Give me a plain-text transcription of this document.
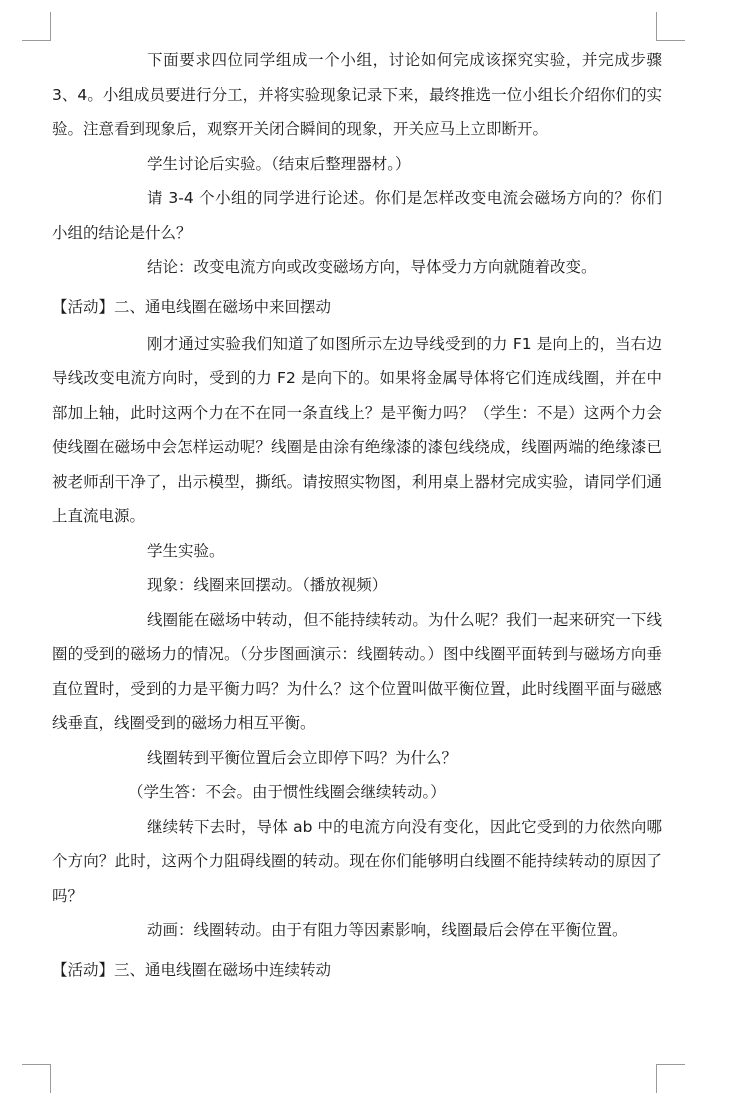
下面要求四位同学组成一个小组，讨论如何完成该探究实验，并完成步骤 3、4。小组成员要进行分工，并将实验现象记录下来，最终推选一位小组长介绍你们的实验。注意看到现象后，观察开关闭合瞬间的现象，开关应马上立即断开。

学生讨论后实验。（结束后整理器材。）

请 3-4 个小组的同学进行论述。你们是怎样改变电流会磁场方向的？你们小组的结论是什么？

结论：改变电流方向或改变磁场方向，导体受力方向就随着改变。

【活动】二、通电线圈在磁场中来回摆动

刚才通过实验我们知道了如图所示左边导线受到的力 F1 是向上的，当右边导线改变电流方向时，受到的力 F2 是向下的。如果将金属导体将它们连成线圈，并在中部加上轴，此时这两个力在不在同一条直线上？是平衡力吗？（学生：不是）这两个力会使线圈在磁场中会怎样运动呢？线圈是由涂有绝缘漆的漆包线绕成，线圈两端的绝缘漆已被老师刮干净了，出示模型，撕纸。请按照实物图，利用桌上器材完成实验，请同学们通上直流电源。

学生实验。

现象：线圈来回摆动。（播放视频）

线圈能在磁场中转动，但不能持续转动。为什么呢？我们一起来研究一下线圈的受到的磁场力的情况。（分步图画演示：线圈转动。）图中线圈平面转到与磁场方向垂直位置时，受到的力是平衡力吗？为什么？这个位置叫做平衡位置，此时线圈平面与磁感线垂直，线圈受到的磁场力相互平衡。

线圈转到平衡位置后会立即停下吗？为什么？

（学生答：不会。由于惯性线圈会继续转动。）

继续转下去时，导体 ab 中的电流方向没有变化，因此它受到的力依然向哪个方向？此时，这两个力阻碍线圈的转动。现在你们能够明白线圈不能持续转动的原因了吗？

动画：线圈转动。由于有阻力等因素影响，线圈最后会停在平衡位置。

【活动】三、通电线圈在磁场中连续转动
